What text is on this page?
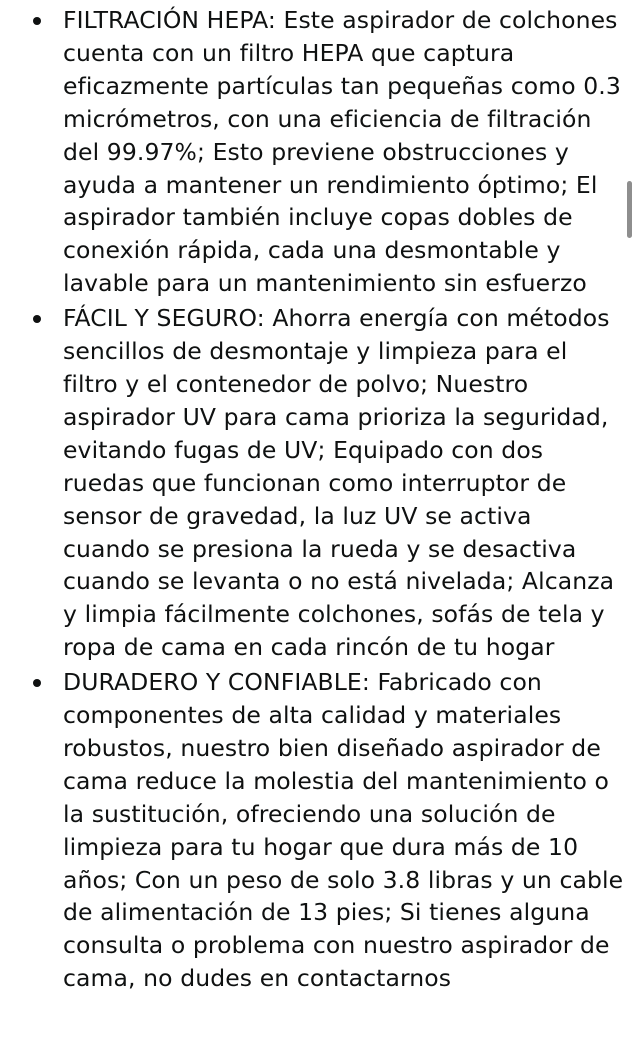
FILTRACIÓN HEPA: Este aspirador de colchones cuenta con un filtro HEPA que captura eficazmente partículas tan pequeñas como 0.3 micrómetros, con una eficiencia de filtración del 99.97%; Esto previene obstrucciones y ayuda a mantener un rendimiento óptimo; El aspirador también incluye copas dobles de conexión rápida, cada una desmontable y lavable para un mantenimiento sin esfuerzo
FÁCIL Y SEGURO: Ahorra energía con métodos sencillos de desmontaje y limpieza para el filtro y el contenedor de polvo; Nuestro aspirador UV para cama prioriza la seguridad, evitando fugas de UV; Equipado con dos ruedas que funcionan como interruptor de sensor de gravedad, la luz UV se activa cuando se presiona la rueda y se desactiva cuando se levanta o no está nivelada; Alcanza y limpia fácilmente colchones, sofás de tela y ropa de cama en cada rincón de tu hogar
DURADERO Y CONFIABLE: Fabricado con componentes de alta calidad y materiales robustos, nuestro bien diseñado aspirador de cama reduce la molestia del mantenimiento o la sustitución, ofreciendo una solución de limpieza para tu hogar que dura más de 10 años; Con un peso de solo 3.8 libras y un cable de alimentación de 13 pies; Si tienes alguna consulta o problema con nuestro aspirador de cama, no dudes en contactarnos
